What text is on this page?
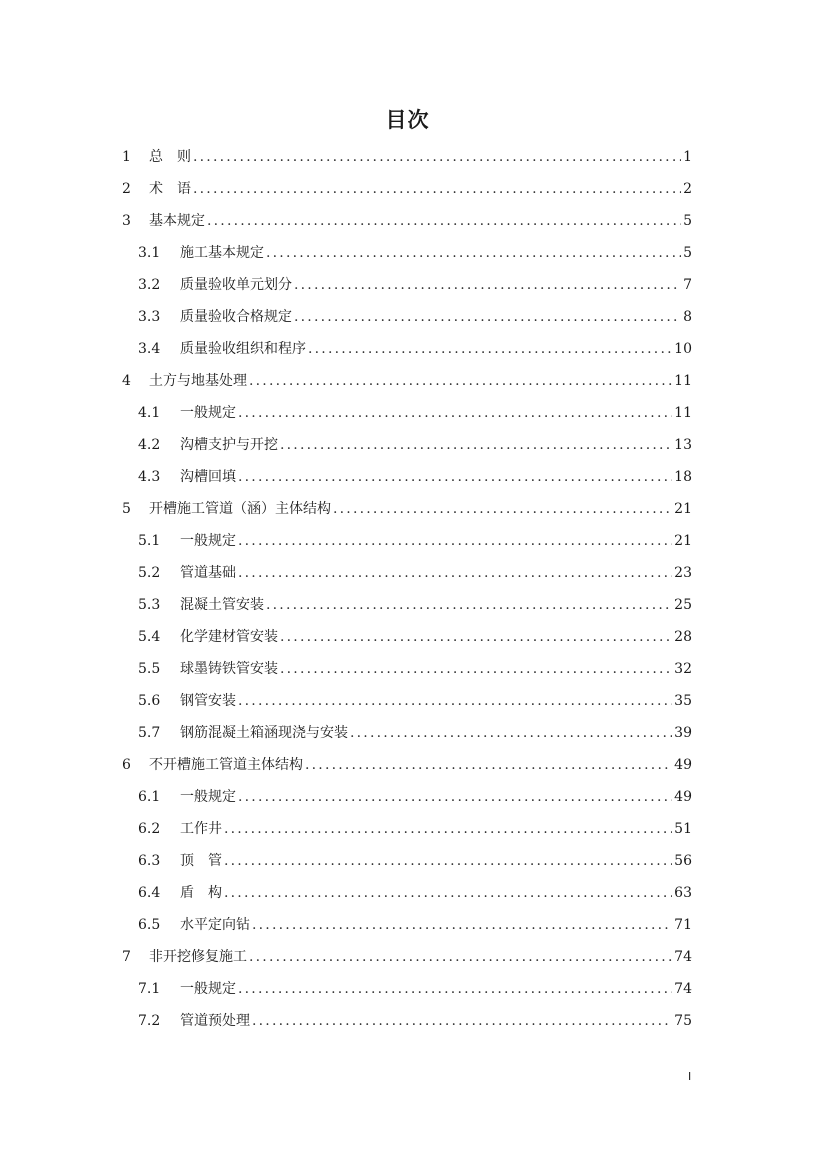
目次
1	总　则 .....	1
2	术　语 .....	2
3	基本规定 .....	5
3.1	施工基本规定 .....	5
3.2	质量验收单元划分 .....	7
3.3	质量验收合格规定 .....	8
3.4	质量验收组织和程序 .....	10
4	土方与地基处理 .....	11
4.1	一般规定 .....	11
4.2	沟槽支护与开挖 .....	13
4.3	沟槽回填 .....	18
5	开槽施工管道（涵）主体结构 .....	21
5.1	一般规定 .....	21
5.2	管道基础 .....	23
5.3	混凝土管安装 .....	25
5.4	化学建材管安装 .....	28
5.5	球墨铸铁管安装 .....	32
5.6	钢管安装 .....	35
5.7	钢筋混凝土箱涵现浇与安装 .....	39
6	不开槽施工管道主体结构 .....	49
6.1	一般规定 .....	49
6.2	工作井 .....	51
6.3	顶　管 .....	56
6.4	盾　构 .....	63
6.5	水平定向钻 .....	71
7	非开挖修复施工 .....	74
7.1	一般规定 .....	74
7.2	管道预处理 .....	75
I
